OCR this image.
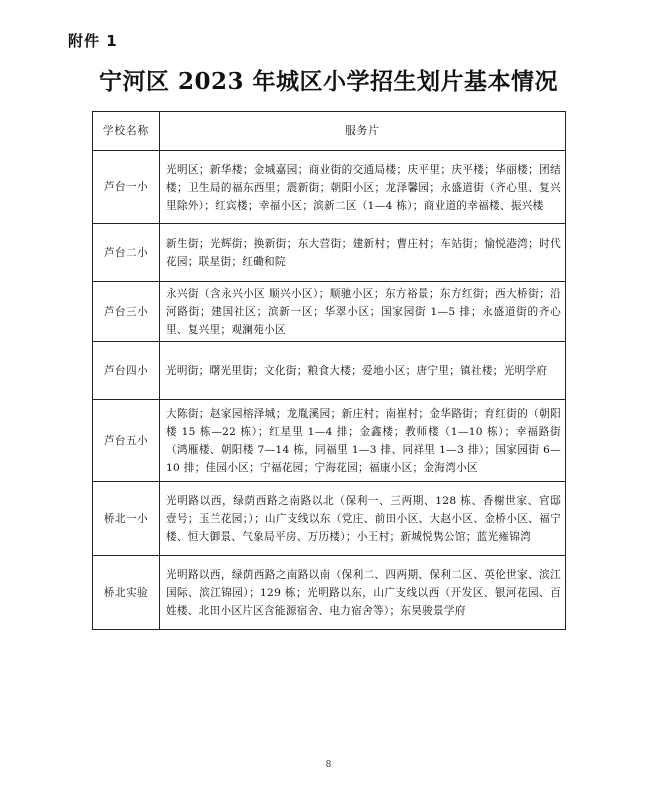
附件 1
宁河区 2023 年城区小学招生划片基本情况
学校名称	服务片
芦台一小	光明区；新华楼；金城嘉园；商业街的交通局楼；庆平里；庆平楼；华丽楼；团结楼；卫生局的福东西里；震新街；朝阳小区；龙泽馨园；永盛道街（齐心里、复兴里除外）；红宾楼；幸福小区；滨新二区（1—4 栋）；商业道的幸福楼、振兴楼
芦台二小	新生街；光辉街；换新街；东大营街；建新村；曹庄村；车站街；愉悦港湾；时代花园；联星街；红磡和院
芦台三小	永兴街（含永兴小区 顺兴小区）；顺驰小区；东方裕景；东方红街；西大桥街；沿河路街；建国社区；滨新一区；华翠小区；国家园街 1—5 排；永盛道街的齐心里、复兴里；观澜苑小区
芦台四小	光明街；曙光里街；文化街；粮食大楼；爱地小区；唐宁里；镇社楼；光明学府
芦台五小	大陈街；赵家园榕泽城；龙胤溪园；新庄村；南崔村；金华路街；育红街的（朝阳楼 15 栋—22 栋）；红星里 1—4 排；金鑫楼；教师楼（1—10 栋）；幸福路街（鸿雁楼、朝阳楼 7—14 栋，同福里 1—3 排、同祥里 1—3 排）；国家园街 6—10 排；佳园小区；宁福花园；宁海花园；福康小区；金海湾小区
桥北一小	光明路以西，绿荫西路之南路以北（保利一、三两期、128 栋、香榭世家、官邸壹号；玉兰花园；）；山广支线以东（党庄、前田小区、大赵小区、金桥小区、福宁楼、恒大御景、气象局平房、万历楼）；小王村；新城悦隽公馆；蓝光雍锦湾
桥北实验	光明路以西，绿荫西路之南路以南（保利二、四两期、保利二区、英伦世家、滨江国际、滨江锦园）；129 栋；光明路以东，山广支线以西（开发区、银河花园、百姓楼、北田小区片区含能源宿舍、电力宿舍等）；东昊骏景学府
8
